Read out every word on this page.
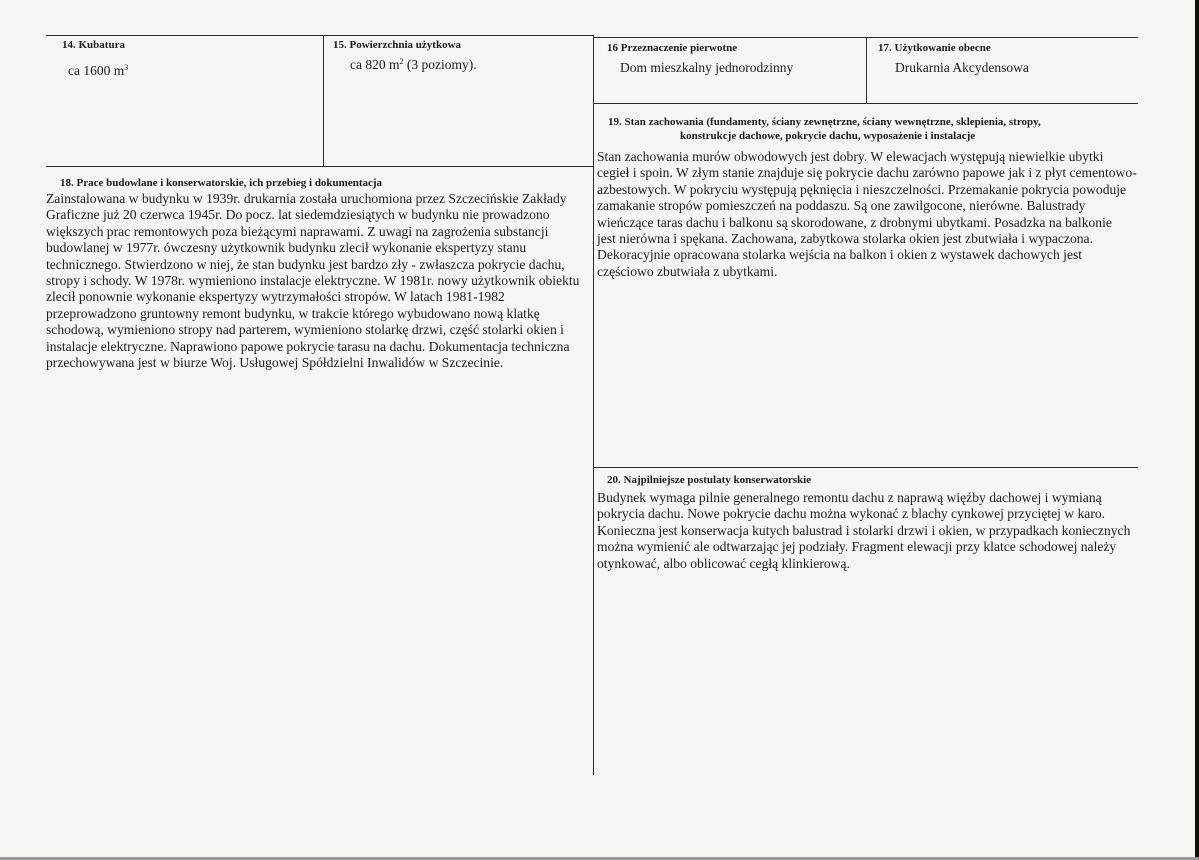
14. Kubatura
ca 1600 $m^3$
15. Powierzchnia użytkowa
ca 820 $m^2$ (3 poziomy).
16 Przeznaczenie pierwotne
Dom mieszkalny jednorodzinny
17. Użytkowanie obecne
Drukarnia Akcydensowa
18. Prace budowlane i konserwatorskie, ich przebieg i dokumentacja
Zainstalowana w budynku w 1939r. drukarnia została uruchomiona przez Szczecińskie Zakłady
Graficzne już 20 czerwca 1945r. Do pocz. lat siedemdziesiątych w budynku nie prowadzono
większych prac remontowych poza bieżącymi naprawami. Z uwagi na zagrożenia substancji
budowlanej w 1977r. ówczesny użytkownik budynku zlecił wykonanie ekspertyzy stanu
technicznego. Stwierdzono w niej, że stan budynku jest bardzo zły - zwłaszcza pokrycie dachu,
stropy i schody. W 1978r. wymieniono instalacje elektryczne. W 1981r. nowy użytkownik obiektu
zlecił ponownie wykonanie ekspertyzy wytrzymałości stropów. W latach 1981-1982
przeprowadzono gruntowny remont budynku, w trakcie którego wybudowano nową klatkę
schodową, wymieniono stropy nad parterem, wymieniono stolarkę drzwi, część stolarki okien i
instalacje elektryczne. Naprawiono papowe pokrycie tarasu na dachu. Dokumentacja techniczna
przechowywana jest w biurze Woj. Usługowej Spółdzielni Inwalidów w Szczecinie.
19. Stan zachowania (fundamenty, ściany zewnętrzne, ściany wewnętrzne, sklepienia, stropy,
konstrukcje dachowe, pokrycie dachu, wyposażenie i instalacje
Stan zachowania murów obwodowych jest dobry. W elewacjach występują niewielkie ubytki
cegieł i spoin. W złym stanie znajduje się pokrycie dachu zarówno papowe jak i z płyt cementowo-
azbestowych. W pokryciu występują pęknięcia i nieszczelności. Przemakanie pokrycia powoduje
zamakanie stropów pomieszczeń na poddaszu. Są one zawilgocone, nierówne. Balustrady
wieńczące taras dachu i balkonu są skorodowane, z drobnymi ubytkami. Posadzka na balkonie
jest nierówna i spękana. Zachowana, zabytkowa stolarka okien jest zbutwiała i wypaczona.
Dekoracyjnie opracowana stolarka wejścia na balkon i okien z wystawek dachowych jest
częściowo zbutwiała z ubytkami.
20. Najpilniejsze postulaty konserwatorskie
Budynek wymaga pilnie generalnego remontu dachu z naprawą więźby dachowej i wymianą
pokrycia dachu. Nowe pokrycie dachu można wykonać z blachy cynkowej przyciętej w karo.
Konieczna jest konserwacja kutych balustrad i stolarki drzwi i okien, w przypadkach koniecznych
można wymienić ale odtwarzając jej podziały. Fragment elewacji przy klatce schodowej należy
otynkować, albo oblicować cegłą klinkierową.
